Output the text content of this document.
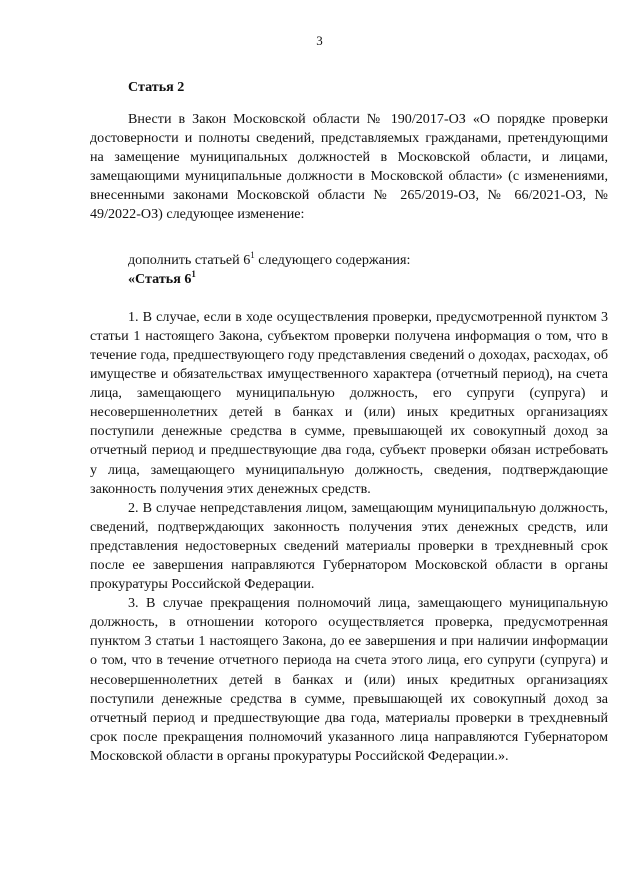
3
Статья 2

Внести в Закон Московской области № 190/2017-ОЗ «О порядке проверки достоверности и полноты сведений, представляемых гражданами, претендующими на замещение муниципальных должностей в Московской области, и лицами, замещающими муниципальные должности в Московской области» (с изменениями, внесенными законами Московской области № 265/2019-ОЗ, № 66/2021-ОЗ, № 49/2022-ОЗ) следующее изменение:

дополнить статьей $6^1$ следующего содержания:

«Статья $6^1$

1. В случае, если в ходе осуществления проверки, предусмотренной пунктом 3 статьи 1 настоящего Закона, субъектом проверки получена информация о том, что в течение года, предшествующего году представления сведений о доходах, расходах, об имуществе и обязательствах имущественного характера (отчетный период), на счета лица, замещающего муниципальную должность, его супруги (супруга) и несовершеннолетних детей в банках и (или) иных кредитных организациях поступили денежные средства в сумме, превышающей их совокупный доход за отчетный период и предшествующие два года, субъект проверки обязан истребовать у лица, замещающего муниципальную должность, сведения, подтверждающие законность получения этих денежных средств.

2. В случае непредставления лицом, замещающим муниципальную должность, сведений, подтверждающих законность получения этих денежных средств, или представления недостоверных сведений материалы проверки в трехдневный срок после ее завершения направляются Губернатором Московской области в органы прокуратуры Российской Федерации.

3. В случае прекращения полномочий лица, замещающего муниципальную должность, в отношении которого осуществляется проверка, предусмотренная пунктом 3 статьи 1 настоящего Закона, до ее завершения и при наличии информации о том, что в течение отчетного периода на счета этого лица, его супруги (супруга) и несовершеннолетних детей в банках и (или) иных кредитных организациях поступили денежные средства в сумме, превышающей их совокупный доход за отчетный период и предшествующие два года, материалы проверки в трехдневный срок после прекращения полномочий указанного лица направляются Губернатором Московской области в органы прокуратуры Российской Федерации.».
